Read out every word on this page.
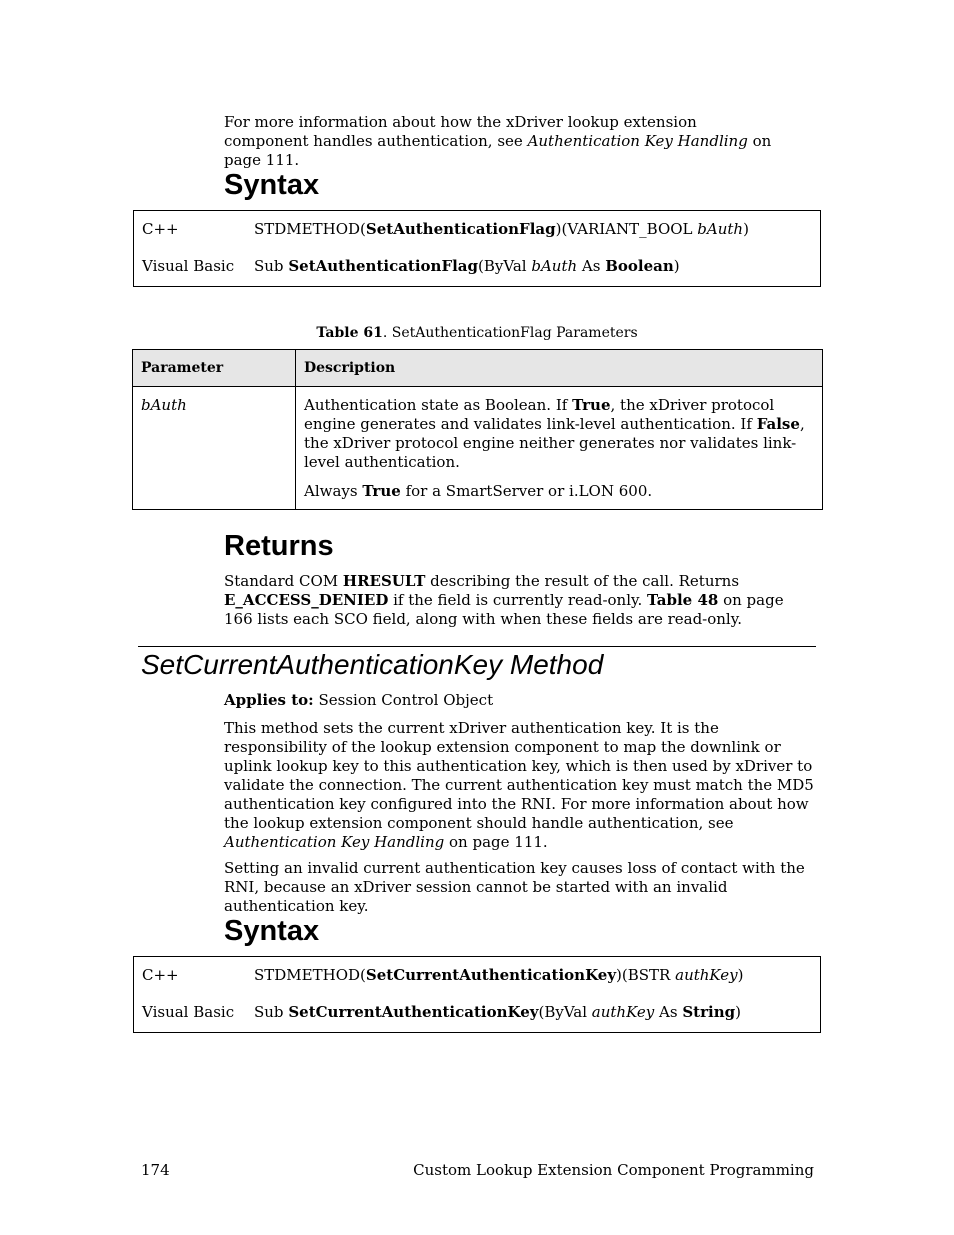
For more information about how the xDriver lookup extension component handles authentication, see Authentication Key Handling on page 111.

Syntax
C++	STDMETHOD(SetAuthenticationFlag)(VARIANT_BOOL bAuth)
Visual Basic Sub SetAuthenticationFlag(ByVal bAuth As Boolean)
Table 61. SetAuthenticationFlag Parameters
Parameter	Description
bAuth	Authentication state as Boolean. If True, the xDriver protocol engine generates and validates link-level authentication. If False, the xDriver protocol engine neither generates nor validates link-level authentication.

Always True for a SmartServer or i.LON 600.

Returns

Standard COM HRESULT describing the result of the call. Returns E_ACCESS_DENIED if the field is currently read-only. Table 48 on page 166 lists each SCO field, along with when these fields are read-only.

SetCurrentAuthenticationKey Method

Applies to: Session Control Object

This method sets the current xDriver authentication key. It is the responsibility of the lookup extension component to map the downlink or uplink lookup key to this authentication key, which is then used by xDriver to validate the connection. The current authentication key must match the MD5 authentication key configured into the RNI. For more information about how the lookup extension component should handle authentication, see Authentication Key Handling on page 111.

Setting an invalid current authentication key causes loss of contact with the RNI, because an xDriver session cannot be started with an invalid authentication key.

Syntax
C++	STDMETHOD(SetCurrentAuthenticationKey)(BSTR authKey)
Visual Basic Sub SetCurrentAuthenticationKey(ByVal authKey As String)
174	Custom Lookup Extension Component Programming
